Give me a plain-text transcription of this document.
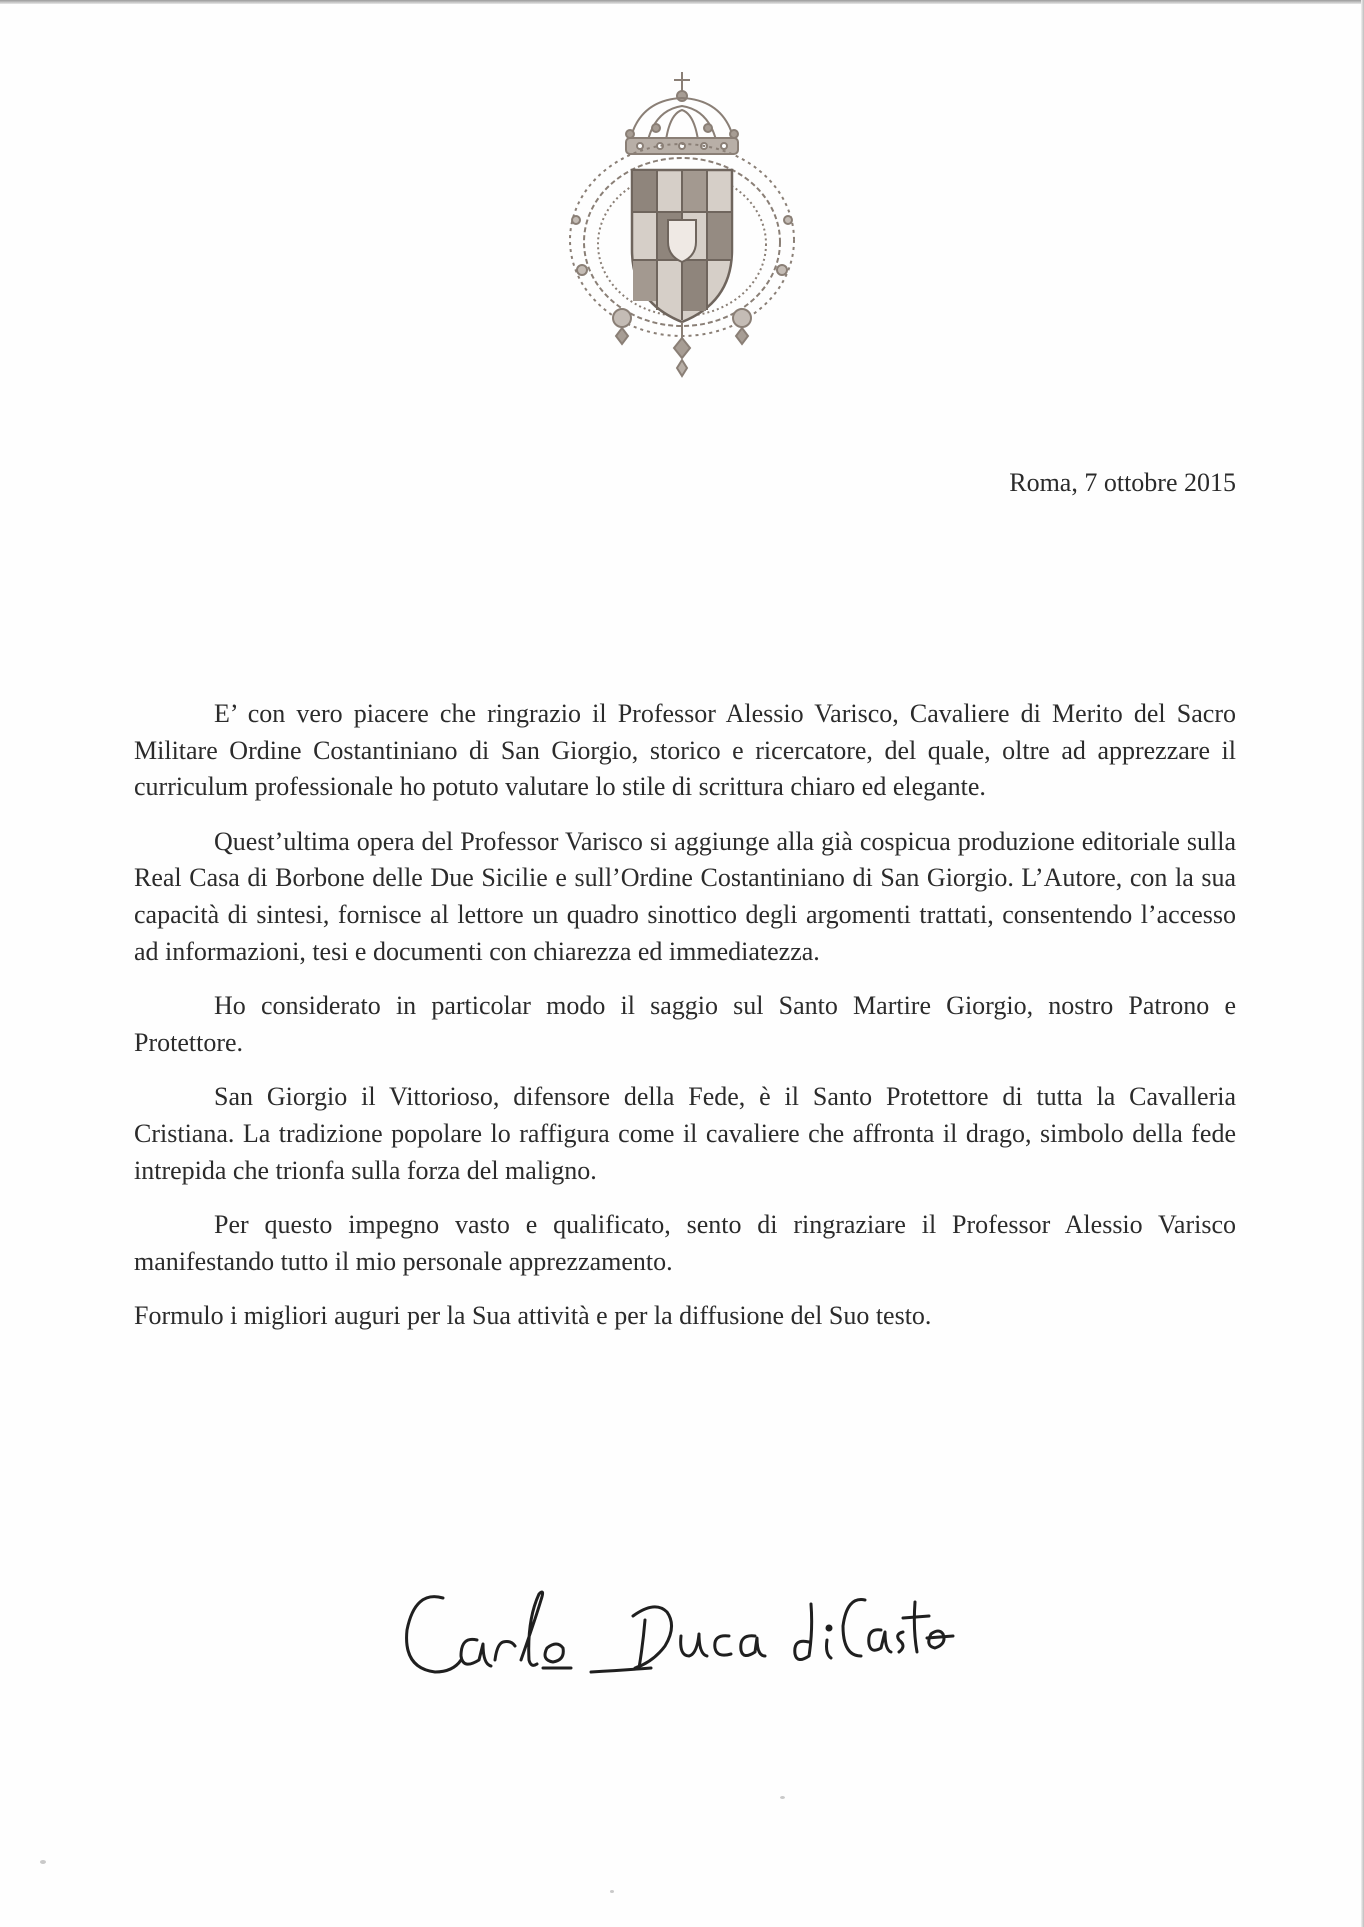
Roma, 7 ottobre 2015

E’ con vero piacere che ringrazio il Professor Alessio Varisco, Cavaliere di Merito del Sacro Militare Ordine Costantiniano di San Giorgio, storico e ricercatore, del quale, oltre ad apprezzare il curriculum professionale ho potuto valutare lo stile di scrittura chiaro ed elegante.

Quest’ultima opera del Professor Varisco si aggiunge alla già cospicua produzione editoriale sulla Real Casa di Borbone delle Due Sicilie e sull’Ordine Costantiniano di San Giorgio. L’Autore, con la sua capacità di sintesi, fornisce al lettore un quadro sinottico degli argomenti trattati, consentendo l’accesso ad informazioni, tesi e documenti con chiarezza ed immediatezza.

Ho considerato in particolar modo il saggio sul Santo Martire Giorgio, nostro Patrono e Protettore.

San Giorgio il Vittorioso, difensore della Fede, è il Santo Protettore di tutta la Cavalleria Cristiana. La tradizione popolare lo raffigura come il cavaliere che affronta il drago, simbolo della fede intrepida che trionfa sulla forza del maligno.

Per questo impegno vasto e qualificato, sento di ringraziare il Professor Alessio Varisco manifestando tutto il mio personale apprezzamento.

Formulo i migliori auguri per la Sua attività e per la diffusione del Suo testo.
